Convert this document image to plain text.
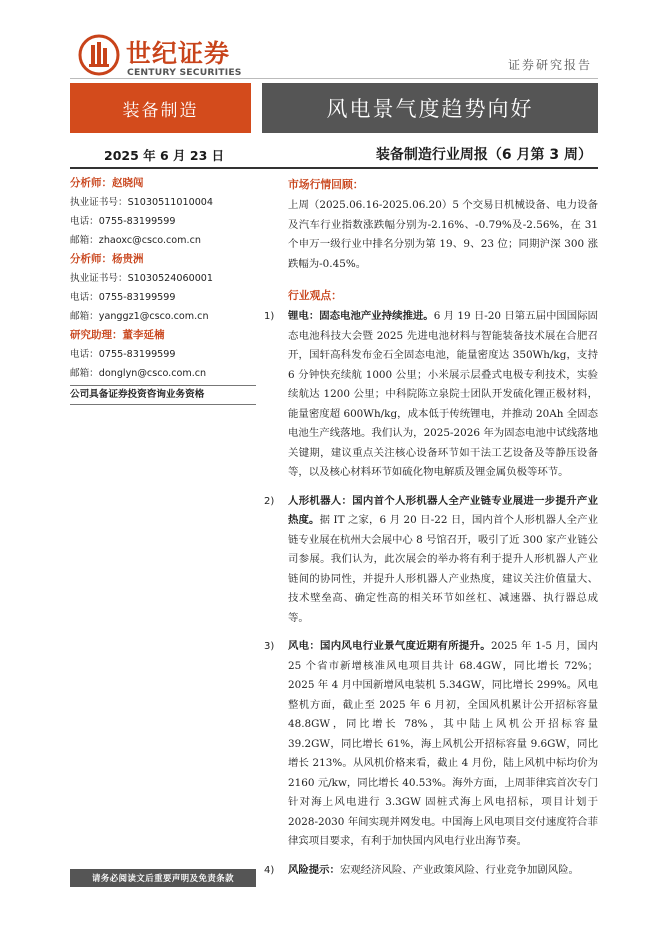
世纪证券
CENTURY SECURITIES
证券研究报告
装备制造	风电景气度趋势向好
2025 年 6 月 23 日	装备制造行业周报（6 月第 3 周）
分析师：赵晓闯
执业证书号：S1030511010004
电话：0755-83199599
邮箱：zhaoxc@csco.com.cn
分析师：杨贵洲
执业证书号：S1030524060001
电话：0755-83199599
邮箱：yanggz1@csco.com.cn
研究助理：董李延楠
电话：0755-83199599
邮箱：donglyn@csco.com.cn
公司具备证券投资咨询业务资格
请务必阅读文后重要声明及免责条款
市场行情回顾：
上周（2025.06.16-2025.06.20）5 个交易日机械设备、电力设备及汽车行业指数涨跌幅分别为-2.16%、-0.79%及-2.56%，在 31 个申万一级行业中排名分别为第 19、9、23 位；同期沪深 300 涨跌幅为-0.45%。
行业观点：
1) 锂电：固态电池产业持续推进。6 月 19 日-20 日第五届中国国际固态电池科技大会暨 2025 先进电池材料与智能装备技术展在合肥召开，国轩高科发布金石全固态电池，能量密度达 350Wh/kg，支持 6 分钟快充续航 1000 公里；小米展示层叠式电极专利技术，实验续航达 1200 公里；中科院陈立泉院士团队开发硫化锂正极材料，能量密度超 600Wh/kg，成本低于传统锂电，并推动 20Ah 全固态电池生产线落地。我们认为，2025-2026 年为固态电池中试线落地关键期，建议重点关注核心设备环节如干法工艺设备及等静压设备等，以及核心材料环节如硫化物电解质及锂金属负极等环节。
2) 人形机器人：国内首个人形机器人全产业链专业展进一步提升产业热度。据 IT 之家，6 月 20 日-22 日，国内首个人形机器人全产业链专业展在杭州大会展中心 8 号馆召开，吸引了近 300 家产业链公司参展。我们认为，此次展会的举办将有利于提升人形机器人产业链间的协同性，并提升人形机器人产业热度，建议关注价值量大、技术壁垒高、确定性高的相关环节如丝杠、减速器、执行器总成等。
3) 风电：国内风电行业景气度近期有所提升。2025 年 1-5 月，国内 25 个省市新增核准风电项目共计 68.4GW，同比增长 72%；2025 年 4 月中国新增风电装机 5.34GW，同比增长 299%。风电整机方面，截止至 2025 年 6 月初，全国风机累计公开招标容量 48.8GW，同比增长 78%，其中陆上风机公开招标容量 39.2GW，同比增长 61%，海上风机公开招标容量 9.6GW，同比增长 213%。从风机价格来看，截止 4 月份，陆上风机中标均价为 2160 元/kw，同比增长 40.53%。海外方面，上周菲律宾首次专门针对海上风电进行 3.3GW 固桩式海上风电招标，项目计划于 2028-2030 年间实现并网发电。中国海上风电项目交付速度符合菲律宾项目要求，有利于加快国内风电行业出海节奏。
4) 风险提示：宏观经济风险、产业政策风险、行业竞争加剧风险。
